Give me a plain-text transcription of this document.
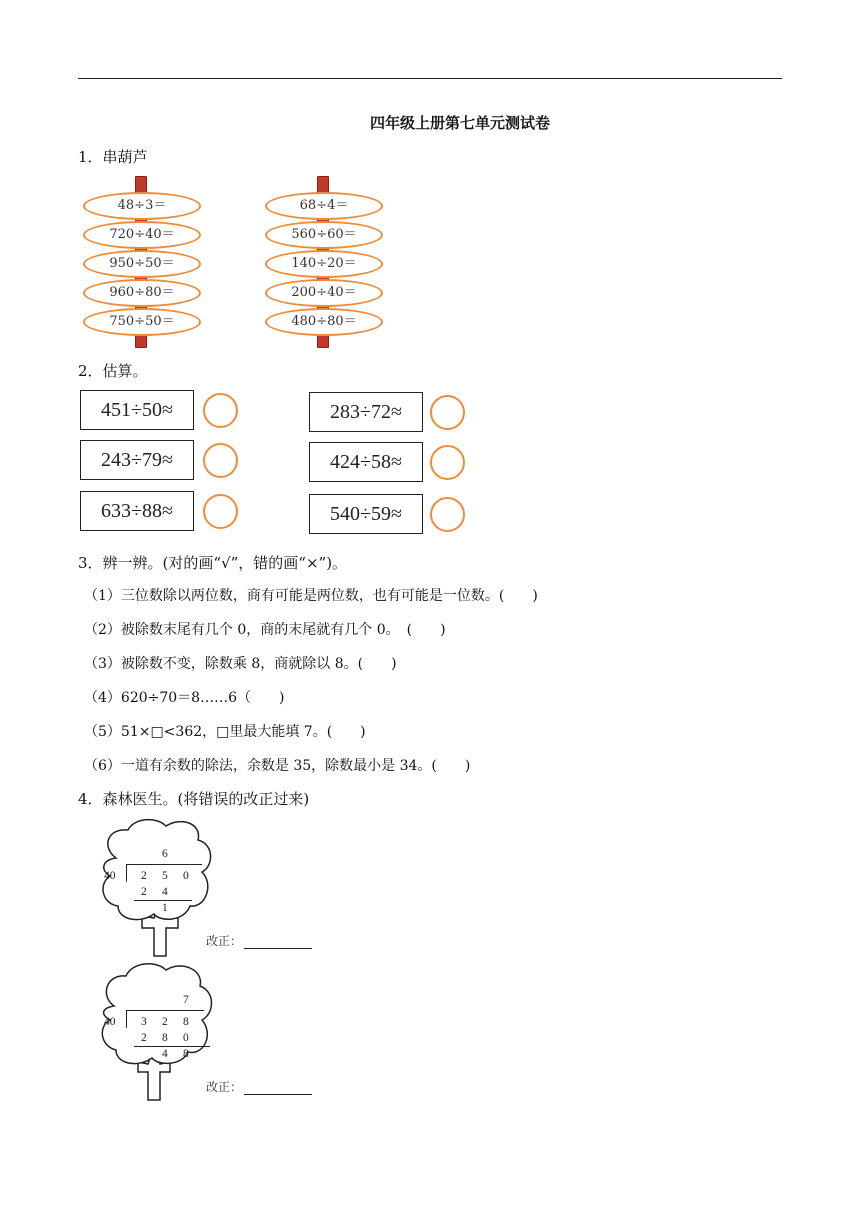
四年级上册第七单元测试卷
1．串葫芦
48÷3＝
720÷40＝
950÷50＝
960÷80＝
750÷50＝
68÷4＝
560÷60＝
140÷20＝
200÷40＝
480÷80＝
2．估算。
451÷50≈
243÷79≈
633÷88≈
283÷72≈
424÷58≈
540÷59≈
3．辨一辨。(对的画“√”，错的画“×”)。
（1）三位数除以两位数，商有可能是两位数，也有可能是一位数。(　　)
（2）被除数末尾有几个 0，商的末尾就有几个 0。　(　　)
（3）被除数不变，除数乘 8，商就除以 8。(　　)
（4）620÷70＝8……6（　　)
（5）51×□<362，□里最大能填 7。(　　)
（6）一道有余数的除法，余数是 35，除数最小是 34。(　　)
4．森林医生。(将错误的改正过来)
6
40 2 5 0
2 4
1
改正：
7
40 3 2 8
2 8 0
4 8
改正：
